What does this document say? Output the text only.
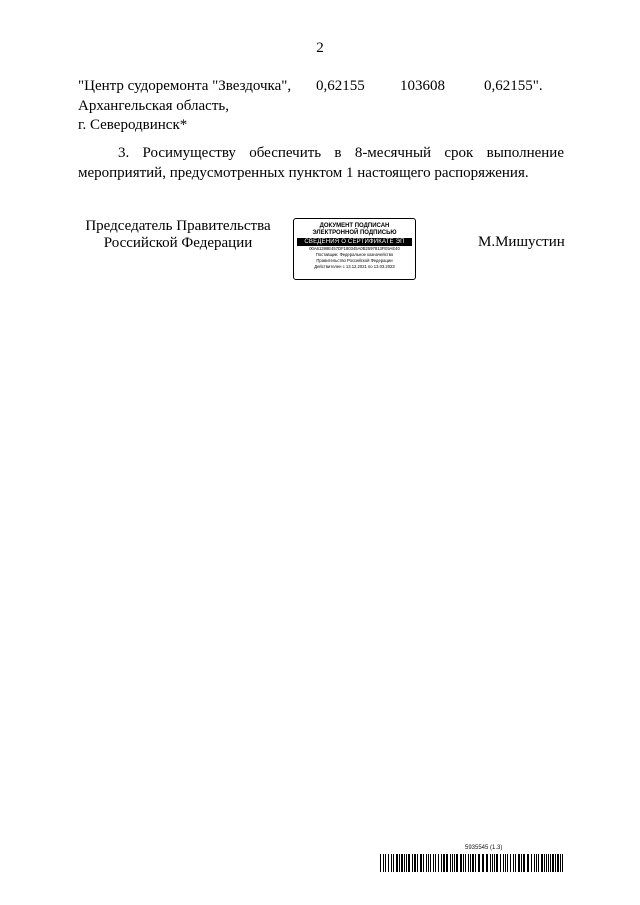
2
"Центр судоремонта "Звездочка", 0,62155 103608	0,62155".
Архангельская область,
г. Северодвинск*

3. Росимуществу обеспечить в 8-месячный срок выполнение мероприятий, предусмотренных пунктом 1 настоящего распоряжения.

Председатель Правительства
Российской Федерации
ДОКУМЕНТ ПОДПИСАН
ЭЛЕКТРОННОЙ ПОДПИСЬЮ
СВЕДЕНИЯ О СЕРТИФИКАТЕ ЭП
00A61398E457DF180345A0B2597813FE9AE40
Поставщик: Федеральное казначейство
Правительство Российской Федерации
Действителен с 13.12.2021 по 13.03.2023
М.Мишустин
5935545 (1.3)
